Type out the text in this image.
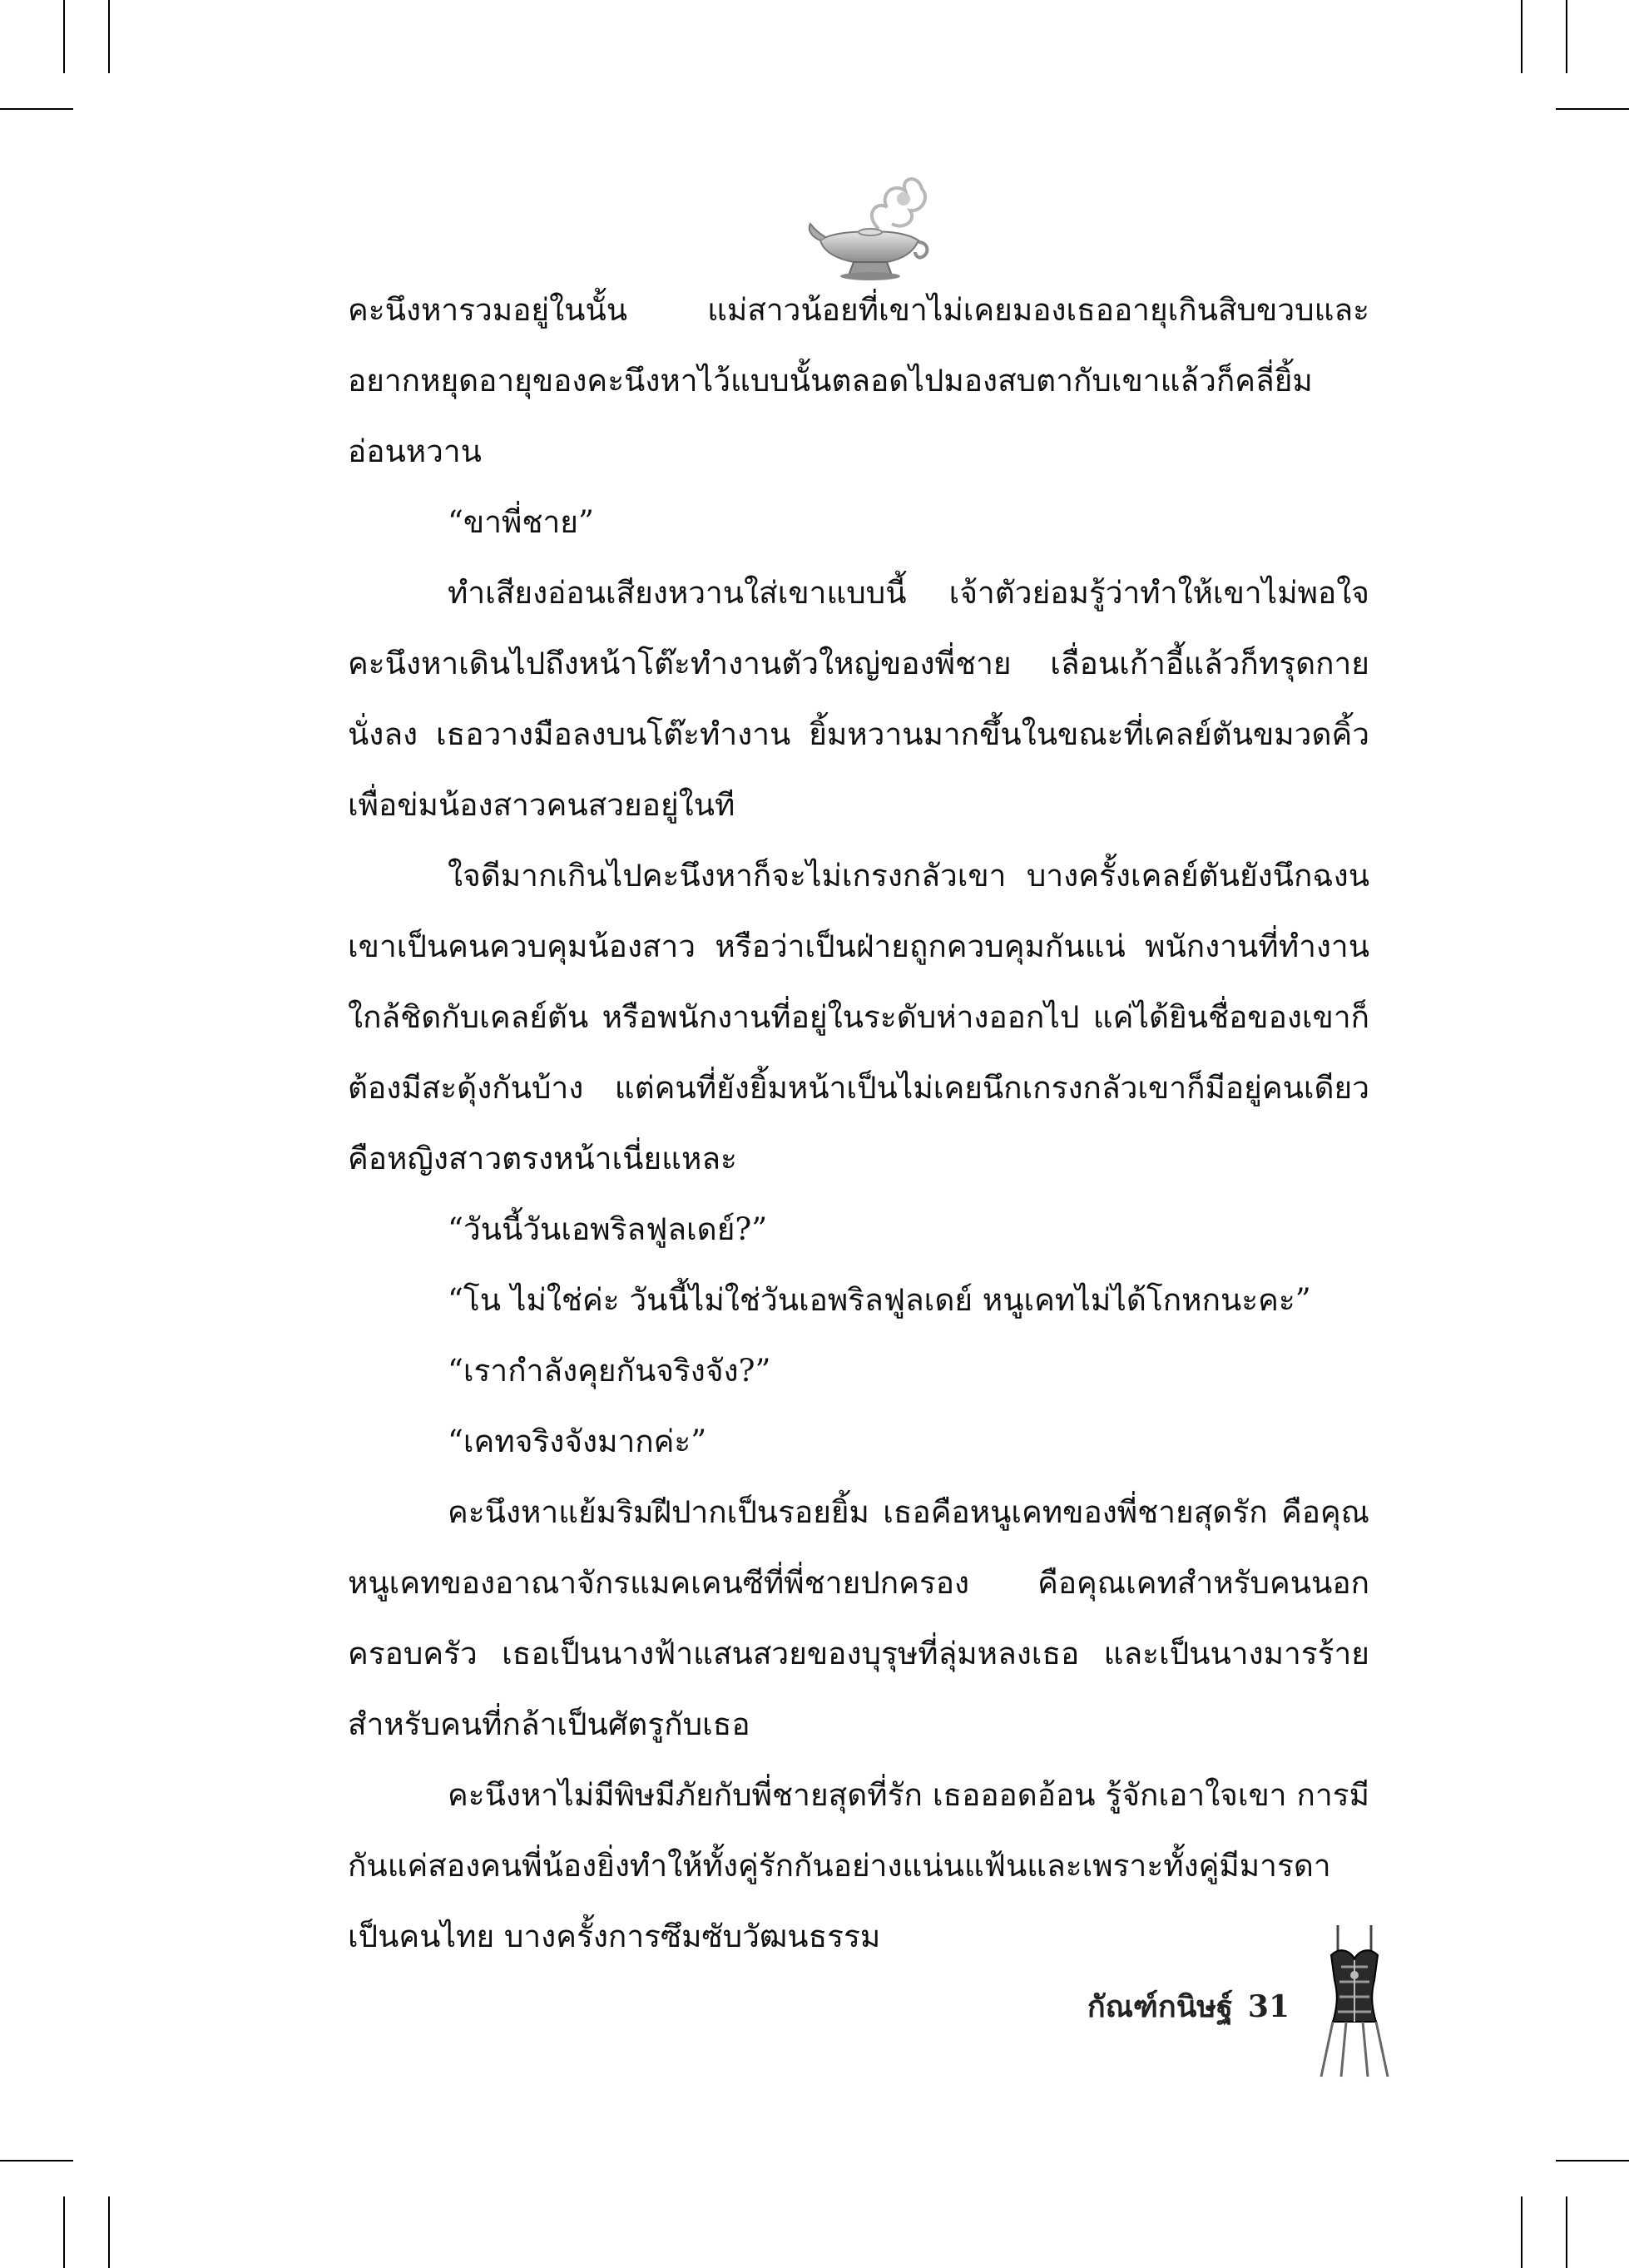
คะนึงหารวมอยู่ในนั้น แม่สาวน้อยที่เขาไม่เคยมองเธออายุเกินสิบขวบและอยากหยุดอายุของคะนึงหาไว้แบบนั้นตลอดไปมองสบตากับเขาแล้วก็คลี่ยิ้มอ่อนหวาน

“ขาพี่ชาย”

ทำเสียงอ่อนเสียงหวานใส่เขาแบบนี้ เจ้าตัวย่อมรู้ว่าทำให้เขาไม่พอใจ คะนึงหาเดินไปถึงหน้าโต๊ะทำงานตัวใหญ่ของพี่ชาย เลื่อนเก้าอี้แล้วก็ทรุดกายนั่งลง เธอวางมือลงบนโต๊ะทำงาน ยิ้มหวานมากขึ้นในขณะที่เคลย์ตันขมวดคิ้วเพื่อข่มน้องสาวคนสวยอยู่ในที

ใจดีมากเกินไปคะนึงหาก็จะไม่เกรงกลัวเขา บางครั้งเคลย์ตันยังนึกฉงน เขาเป็นคนควบคุมน้องสาว หรือว่าเป็นฝ่ายถูกควบคุมกันแน่ พนักงานที่ทำงานใกล้ชิดกับเคลย์ตัน หรือพนักงานที่อยู่ในระดับห่างออกไป แค่ได้ยินชื่อของเขาก็ต้องมีสะดุ้งกันบ้าง แต่คนที่ยังยิ้มหน้าเป็นไม่เคยนึกเกรงกลัวเขาก็มีอยู่คนเดียวคือหญิงสาวตรงหน้าเนี่ยแหละ

“วันนี้วันเอพริลฟูลเดย์?”

“โน ไม่ใช่ค่ะ วันนี้ไม่ใช่วันเอพริลฟูลเดย์ หนูเคทไม่ได้โกหกนะคะ”

“เรากำลังคุยกันจริงจัง?”

“เคทจริงจังมากค่ะ”

คะนึงหาแย้มริมฝีปากเป็นรอยยิ้ม เธอคือหนูเคทของพี่ชายสุดรัก คือคุณหนูเคทของอาณาจักรแมคเคนซีที่พี่ชายปกครอง คือคุณเคทสำหรับคนนอกครอบครัว เธอเป็นนางฟ้าแสนสวยของบุรุษที่ลุ่มหลงเธอ และเป็นนางมารร้ายสำหรับคนที่กล้าเป็นศัตรูกับเธอ

คะนึงหาไม่มีพิษมีภัยกับพี่ชายสุดที่รัก เธอออดอ้อน รู้จักเอาใจเขา การมีกันแค่สองคนพี่น้องยิ่งทำให้ทั้งคู่รักกันอย่างแน่นแฟ้นและเพราะทั้งคู่มีมารดาเป็นคนไทย บางครั้งการซึมซับวัฒนธรรม

กัณฑ์กนิษฐ์ 31
